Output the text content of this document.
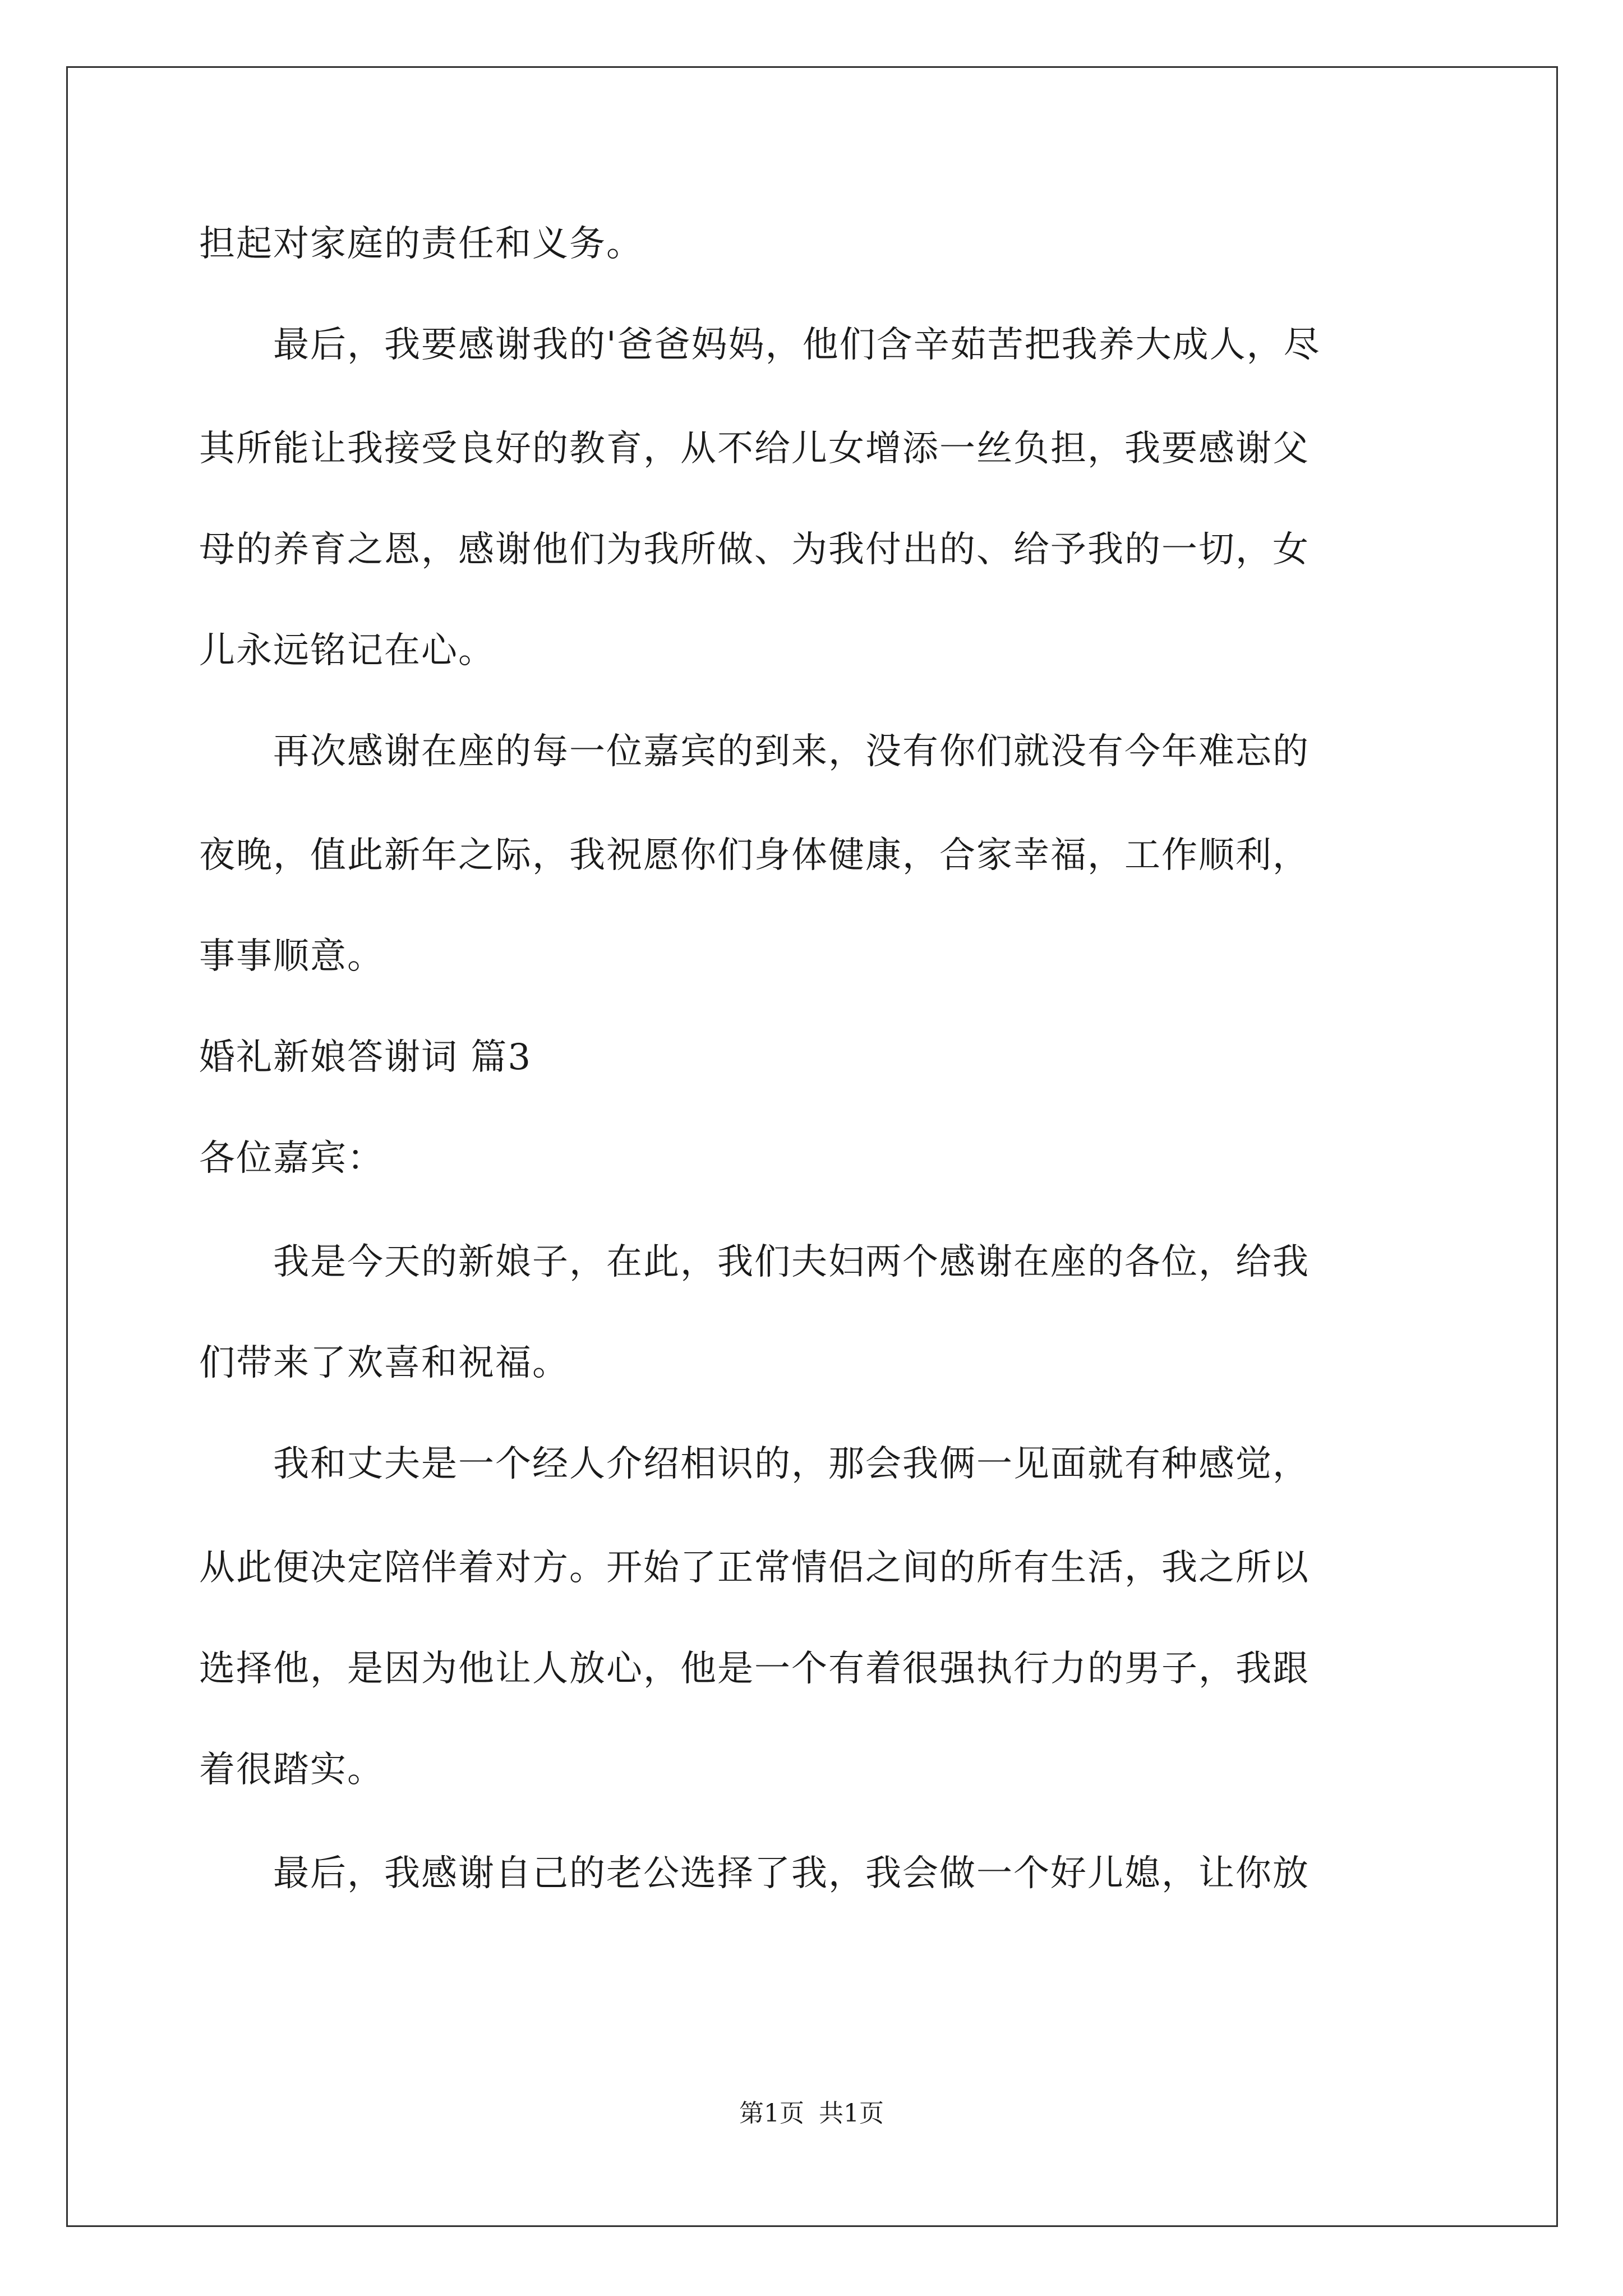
担起对家庭的责任和义务。
　　最后，我要感谢我的'爸爸妈妈，他们含辛茹苦把我养大成人，尽
其所能让我接受良好的教育，从不给儿女增添一丝负担，我要感谢父
母的养育之恩，感谢他们为我所做、为我付出的、给予我的一切，女
儿永远铭记在心。
　　再次感谢在座的每一位嘉宾的到来，没有你们就没有今年难忘的
夜晚，值此新年之际，我祝愿你们身体健康，合家幸福，工作顺利，
事事顺意。
婚礼新娘答谢词 篇3
各位嘉宾：
　　我是今天的新娘子，在此，我们夫妇两个感谢在座的各位，给我
们带来了欢喜和祝福。
　　我和丈夫是一个经人介绍相识的，那会我俩一见面就有种感觉，
从此便决定陪伴着对方。开始了正常情侣之间的所有生活，我之所以
选择他，是因为他让人放心，他是一个有着很强执行力的男子，我跟
着很踏实。
　　最后，我感谢自己的老公选择了我，我会做一个好儿媳，让你放
第1页 共1页
